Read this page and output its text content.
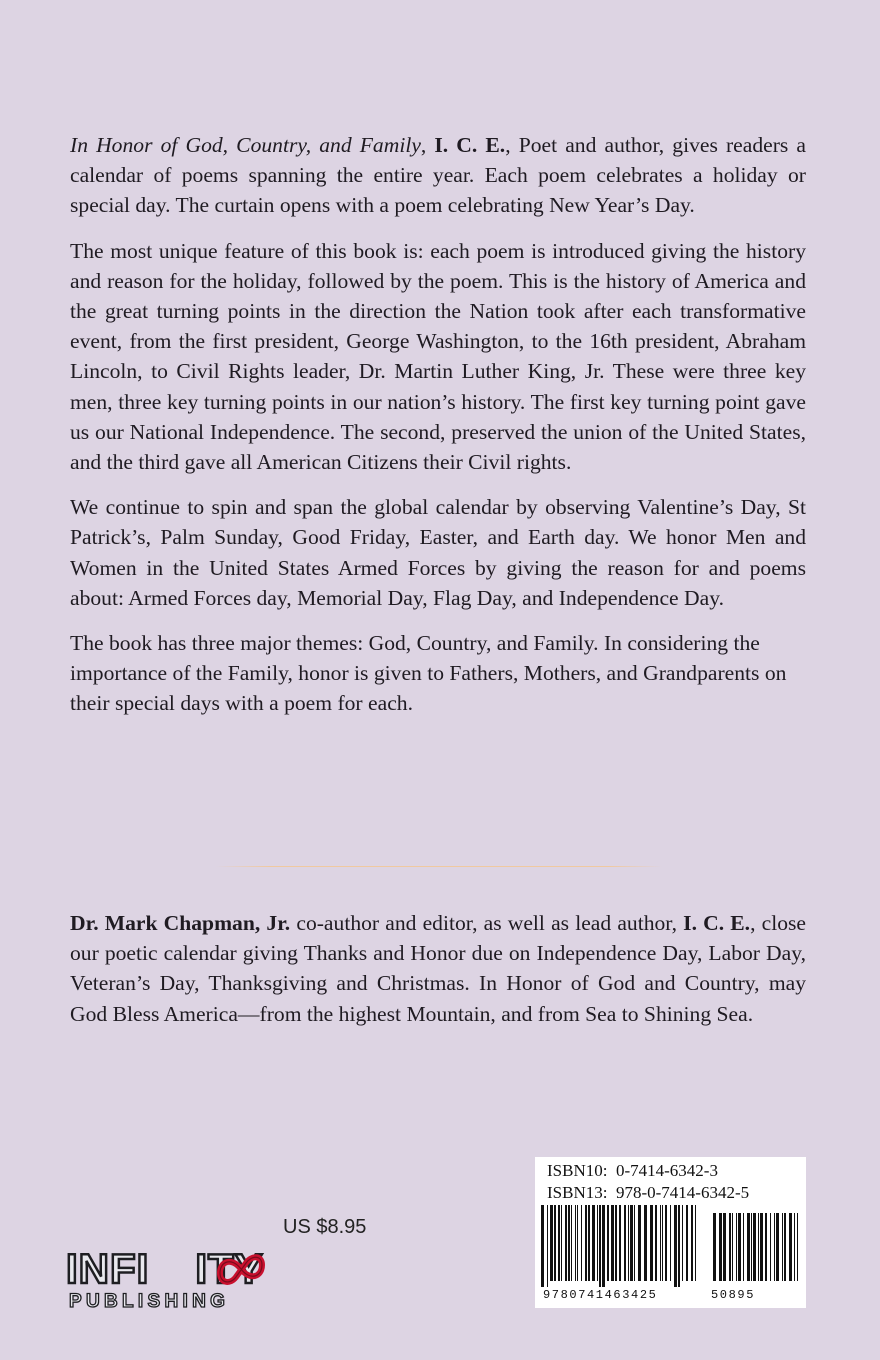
In Honor of God, Country, and Family, I. C. E., Poet and author, gives readers a calendar of poems spanning the entire year. Each poem celebrates a holiday or special day. The curtain opens with a poem celebrating New Year’s Day.

The most unique feature of this book is: each poem is introduced giving the history and reason for the holiday, followed by the poem. This is the history of America and the great turning points in the direction the Nation took after each transformative event, from the first president, George Washington, to the 16th president, Abraham Lincoln, to Civil Rights leader, Dr. Martin Luther King, Jr. These were three key men, three key turning points in our nation’s history. The first key turning point gave us our National Independence. The second, preserved the union of the United States, and the third gave all American Citizens their Civil rights.

We continue to spin and span the global calendar by observing Valentine’s Day, St Patrick’s, Palm Sunday, Good Friday, Easter, and Earth day. We honor Men and Women in the United States Armed Forces by giving the reason for and poems about: Armed Forces day, Memorial Day, Flag Day, and Independence Day.

The book has three major themes: God, Country, and Family. In considering the importance of the Family, honor is given to Fathers, Mothers, and Grandparents on their special days with a poem for each.

Dr. Mark Chapman, Jr. co-author and editor, as well as lead author, I. C. E., close our poetic calendar giving Thanks and Honor due on Independence Day, Labor Day, Veteran’s Day, Thanksgiving and Christmas. In Honor of God and Country, may God Bless America—from the highest Mountain, and from Sea to Shining Sea.

ISBN10: 0-7414-6342-3
ISBN13: 978-0-7414-6342-5
9780741463425	50895
US $8.95
INFI ITY
PUBLISHING
